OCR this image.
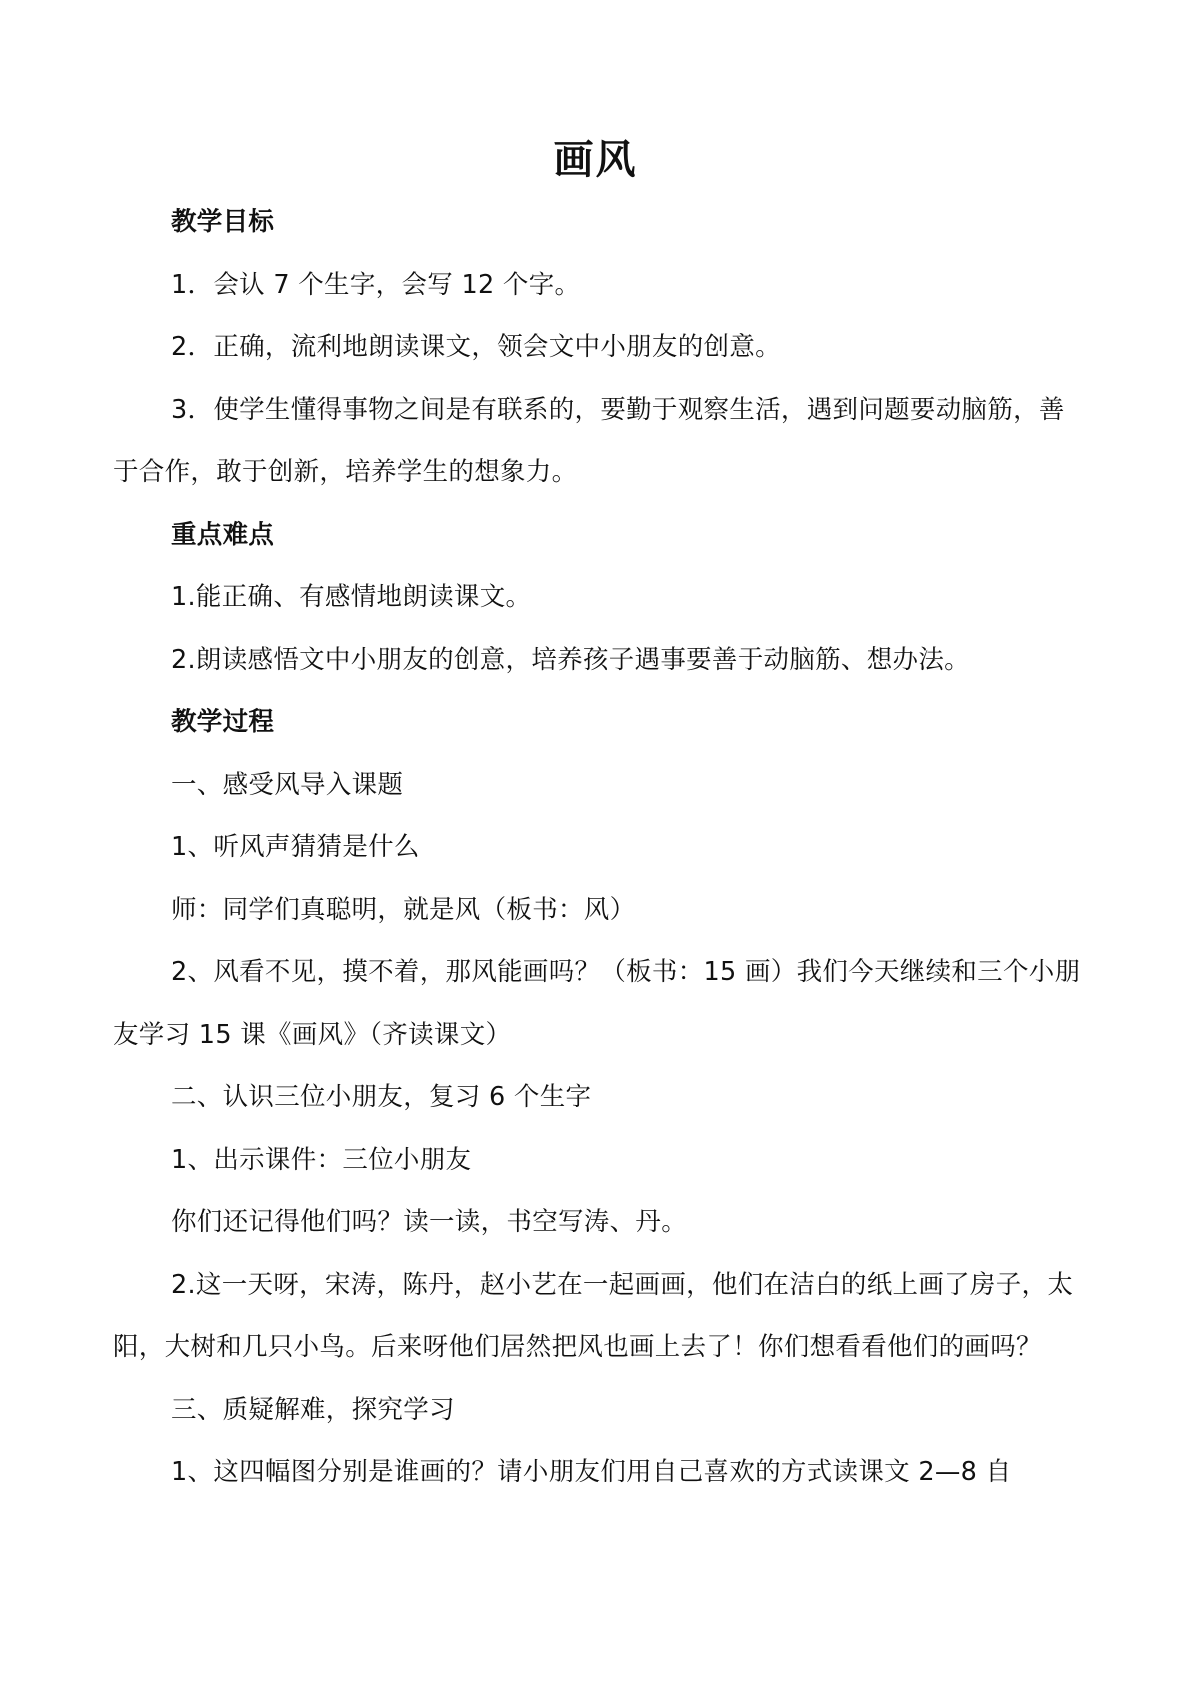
画风

教学目标

1．会认 7 个生字，会写 12 个字。

2．正确，流利地朗读课文，领会文中小朋友的创意。

3．使学生懂得事物之间是有联系的，要勤于观察生活，遇到问题要动脑筋，善于合作，敢于创新，培养学生的想象力。

重点难点

1.能正确、有感情地朗读课文。

2.朗读感悟文中小朋友的创意，培养孩子遇事要善于动脑筋、想办法。

教学过程

一、感受风导入课题

1、听风声猜猜是什么

师：同学们真聪明，就是风（板书：风）

2、风看不见，摸不着，那风能画吗？（板书：15 画）我们今天继续和三个小朋友学习 15 课《画风》（齐读课文）

二、认识三位小朋友，复习 6 个生字

1、出示课件：三位小朋友

你们还记得他们吗？读一读，书空写涛、丹。

2.这一天呀，宋涛，陈丹，赵小艺在一起画画，他们在洁白的纸上画了房子，太阳，大树和几只小鸟。后来呀他们居然把风也画上去了！你们想看看他们的画吗？

三、质疑解难，探究学习

1、这四幅图分别是谁画的？请小朋友们用自己喜欢的方式读课文 2—8 自
